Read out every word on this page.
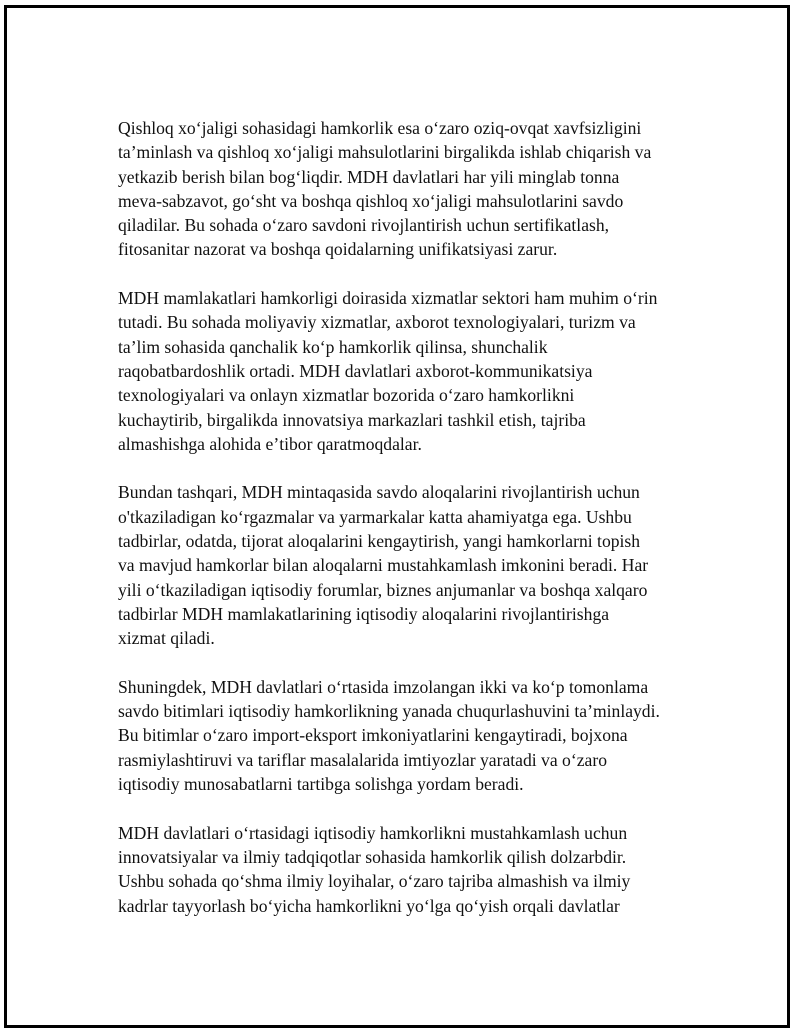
Qishloq xoʻjaligi sohasidagi hamkorlik esa oʻzaro oziq-ovqat xavfsizligini
taʼminlash va qishloq xoʻjaligi mahsulotlarini birgalikda ishlab chiqarish va
yetkazib berish bilan bogʻliqdir. MDH davlatlari har yili minglab tonna
meva-sabzavot, goʻsht va boshqa qishloq xoʻjaligi mahsulotlarini savdo
qiladilar. Bu sohada oʻzaro savdoni rivojlantirish uchun sertifikatlash,
fitosanitar nazorat va boshqa qoidalarning unifikatsiyasi zarur.

MDH mamlakatlari hamkorligi doirasida xizmatlar sektori ham muhim oʻrin
tutadi. Bu sohada moliyaviy xizmatlar, axborot texnologiyalari, turizm va
taʼlim sohasida qanchalik koʻp hamkorlik qilinsa, shunchalik
raqobatbardoshlik ortadi. MDH davlatlari axborot-kommunikatsiya
texnologiyalari va onlayn xizmatlar bozorida oʻzaro hamkorlikni
kuchaytirib, birgalikda innovatsiya markazlari tashkil etish, tajriba
almashishga alohida eʼtibor qaratmoqdalar.

Bundan tashqari, MDH mintaqasida savdo aloqalarini rivojlantirish uchun
o'tkaziladigan koʻrgazmalar va yarmarkalar katta ahamiyatga ega. Ushbu
tadbirlar, odatda, tijorat aloqalarini kengaytirish, yangi hamkorlarni topish
va mavjud hamkorlar bilan aloqalarni mustahkamlash imkonini beradi. Har
yili oʻtkaziladigan iqtisodiy forumlar, biznes anjumanlar va boshqa xalqaro
tadbirlar MDH mamlakatlarining iqtisodiy aloqalarini rivojlantirishga
xizmat qiladi.

Shuningdek, MDH davlatlari oʻrtasida imzolangan ikki va koʻp tomonlama
savdo bitimlari iqtisodiy hamkorlikning yanada chuqurlashuvini taʼminlaydi.
Bu bitimlar oʻzaro import-eksport imkoniyatlarini kengaytiradi, bojxona
rasmiylashtiruvi va tariflar masalalarida imtiyozlar yaratadi va oʻzaro
iqtisodiy munosabatlarni tartibga solishga yordam beradi.

MDH davlatlari oʻrtasidagi iqtisodiy hamkorlikni mustahkamlash uchun
innovatsiyalar va ilmiy tadqiqotlar sohasida hamkorlik qilish dolzarbdir.
Ushbu sohada qoʻshma ilmiy loyihalar, oʻzaro tajriba almashish va ilmiy
kadrlar tayyorlash boʻyicha hamkorlikni yoʻlga qoʻyish orqali davlatlar
